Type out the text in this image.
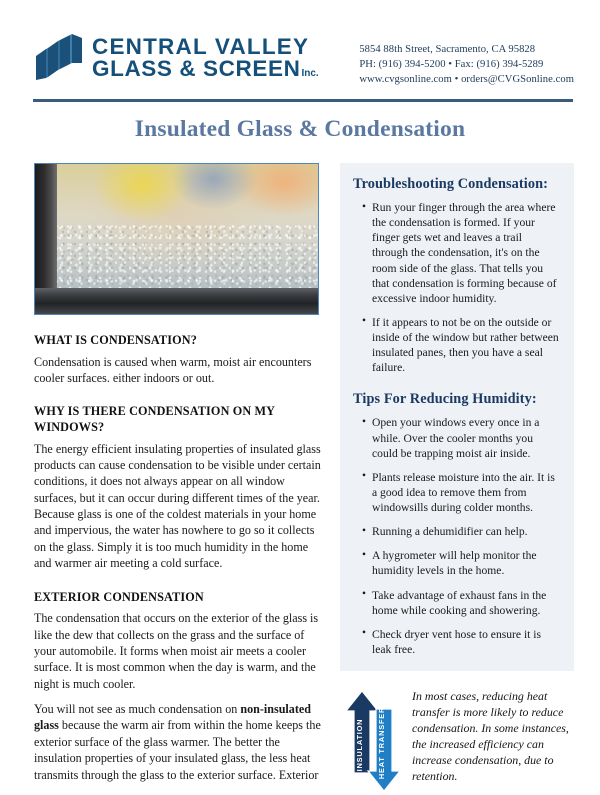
CENTRAL VALLEY
GLASS & SCREEN Inc.
5854 88th Street, Sacramento, CA 95828
PH: (916) 394-5200 • Fax: (916) 394-5289
www.cvgsonline.com • orders@CVGSonline.com
Insulated Glass & Condensation
WHAT IS CONDENSATION?
Condensation is caused when warm, moist air encounters cooler surfaces. either indoors or out.
WHY IS THERE CONDENSATION ON MY WINDOWS?
The energy efficient insulating properties of insulated glass products can cause condensation to be visible under certain conditions, it does not always appear on all window surfaces, but it can occur during different times of the year. Because glass is one of the coldest materials in your home and impervious, the water has nowhere to go so it collects on the glass. Simply it is too much humidity in the home and warmer air meeting a cold surface.
EXTERIOR CONDENSATION
The condensation that occurs on the exterior of the glass is like the dew that collects on the grass and the surface of your automobile. It forms when moist air meets a cooler surface. It is most common when the day is warm, and the night is much cooler.
You will not see as much condensation on non-insulated glass because the warm air from within the home keeps the exterior surface of the glass warmer. The better the insulation properties of your insulated glass, the less heat transmits through the glass to the exterior surface. Exterior
Troubleshooting Condensation:
• Run your finger through the area where the condensation is formed. If your finger gets wet and leaves a trail through the condensation, it's on the room side of the glass. That tells you that condensation is forming because of excessive indoor humidity.
• If it appears to not be on the outside or inside of the window but rather between insulated panes, then you have a seal failure.
Tips For Reducing Humidity:
• Open your windows every once in a while. Over the cooler months you could be trapping moist air inside.
• Plants release moisture into the air. It is a good idea to remove them from windowsills during colder months.
• Running a dehumidifier can help.
• A hygrometer will help monitor the humidity levels in the home.
• Take advantage of exhaust fans in the home while cooking and showering.
• Check dryer vent hose to ensure it is leak free.
INSULATION HEAT TRANSFER
In most cases, reducing heat transfer is more likely to reduce condensation. In some instances, the increased efficiency can increase condensation, due to retention.
